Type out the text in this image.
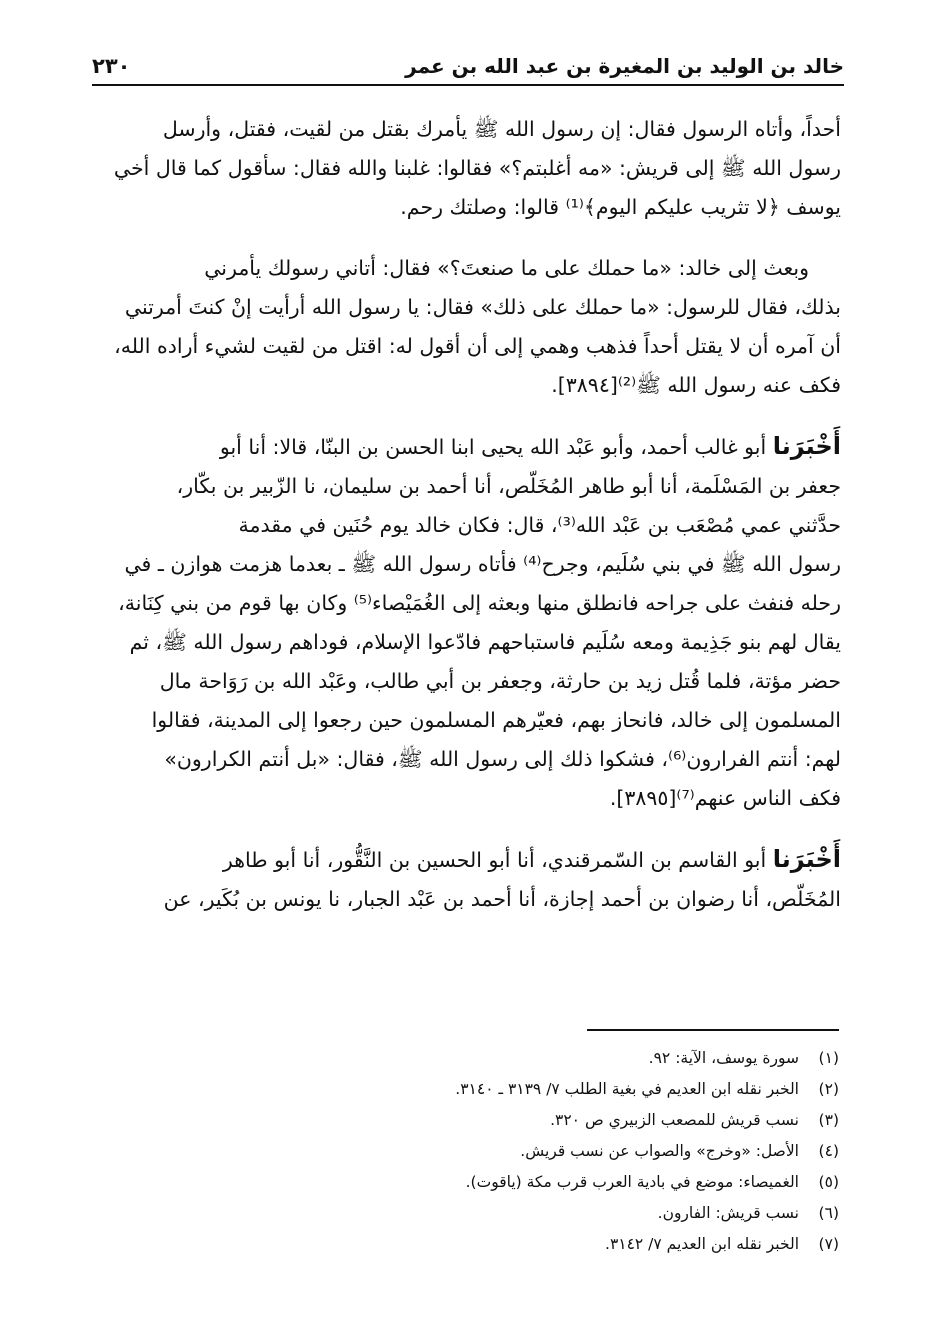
خالد بن الوليد بن المغيرة بن عبد الله بن عمر
٢٣٠

أحداً، وأتاه الرسول فقال: إن رسول الله ﷺ يأمرك بقتل من لقيت، فقتل، وأرسل

رسول الله ﷺ إلى قريش: «مه أغلبتم؟» فقالوا: غلبنا والله فقال: سأقول كما قال أخي

يوسف ﴿لا تثريب عليكم اليوم﴾⁽¹⁾ قالوا: وصلتك رحم.

وبعث إلى خالد: «ما حملك على ما صنعتَ؟» فقال: أتاني رسولك يأمرني

بذلك، فقال للرسول: «ما حملك على ذلك» فقال: يا رسول الله أرأيت إنْ كنتَ أمرتني

أن آمره أن لا يقتل أحداً فذهب وهمي إلى أن أقول له: اقتل من لقيت لشيء أراده الله،

فكف عنه رسول الله ﷺ⁽²⁾[٣٨٩٤].

أَخْبَرَنا أبو غالب أحمد، وأبو عَبْد الله يحيى ابنا الحسن بن البنّا، قالا: أنا أبو

جعفر بن المَسْلَمة، أنا أبو طاهر المُخَلّص، أنا أحمد بن سليمان، نا الزّبير بن بكّار،

حدَّثني عمي مُصْعَب بن عَبْد الله⁽³⁾، قال: فكان خالد يوم حُنَين في مقدمة

رسول الله ﷺ في بني سُلَيم، وجرح⁽⁴⁾ فأتاه رسول الله ﷺ ـ بعدما هزمت هوازن ـ في

رحله فنفث على جراحه فانطلق منها وبعثه إلى الغُمَيْصاء⁽⁵⁾ وكان بها قوم من بني كِنَانة،

يقال لهم بنو جَذِيمة ومعه سُلَيم فاستباحهم فادّعوا الإسلام، فوداهم رسول الله ﷺ، ثم

حضر مؤتة، فلما قُتل زيد بن حارثة، وجعفر بن أبي طالب، وعَبْد الله بن رَوَاحة مال

المسلمون إلى خالد، فانحاز بهم، فعيّرهم المسلمون حين رجعوا إلى المدينة، فقالوا

لهم: أنتم الفرارون⁽⁶⁾، فشكوا ذلك إلى رسول الله ﷺ، فقال: «بل أنتم الكرارون»

فكف الناس عنهم⁽⁷⁾[٣٨٩٥].

أَخْبَرَنا أبو القاسم بن السّمرقندي، أنا أبو الحسين بن النَّقُّور، أنا أبو طاهر

المُخَلّص، أنا رضوان بن أحمد إجازة، أنا أحمد بن عَبْد الجبار، نا يونس بن بُكَير، عن

(١)
سورة يوسف، الآية: ٩٢.
(٢)
الخبر نقله ابن العديم في بغية الطلب ٧/ ٣١٣٩ ـ ٣١٤٠.
(٣)
نسب قريش للمصعب الزبيري ص ٣٢٠.
(٤)
الأصل: «وخرج» والصواب عن نسب قريش.
(٥)
الغميصاء: موضع في بادية العرب قرب مكة (ياقوت).
(٦)
نسب قريش: الفارون.
(٧)
الخبر نقله ابن العديم ٧/ ٣١٤٢.
